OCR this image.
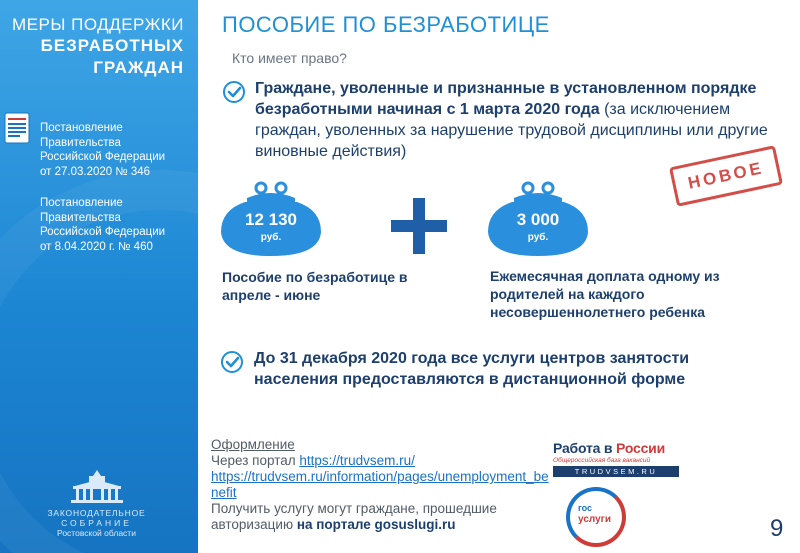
МЕРЫ ПОДДЕРЖКИ
БЕЗРАБОТНЫХ
ГРАЖДАН
Постановление
Правительства
Российской Федерации
от 27.03.2020 № 346
Постановление
Правительства
Российской Федерации
от 8.04.2020 г. № 460
ЗАКОНОДАТЕЛЬНОЕ
СОБРАНИЕ
Ростовской области
ПОСОБИЕ ПО БЕЗРАБОТИЦЕ
Кто имеет право?
Граждане, уволенные и признанные в установленном порядке безработными начиная с 1 марта 2020 года (за исключением граждан, уволенных за нарушение трудовой дисциплины или другие виновные действия)
НОВОЕ
12 130
руб.
3 000
руб.
Пособие по безработице в апреле - июне
Ежемесячная доплата одному из родителей на каждого несовершеннолетнего ребенка
До 31 декабря 2020 года все услуги центров занятости населения предоставляются в дистанционной форме
Оформление
Через портал https://trudvsem.ru/
https://trudvsem.ru/information/pages/unemployment_benefit
Получить услугу могут граждане, прошедшие авторизацию на портале gosuslugi.ru
Работа в России
Общероссийская база вакансий
TRUDVSEM.RU
гос
услуги	9
